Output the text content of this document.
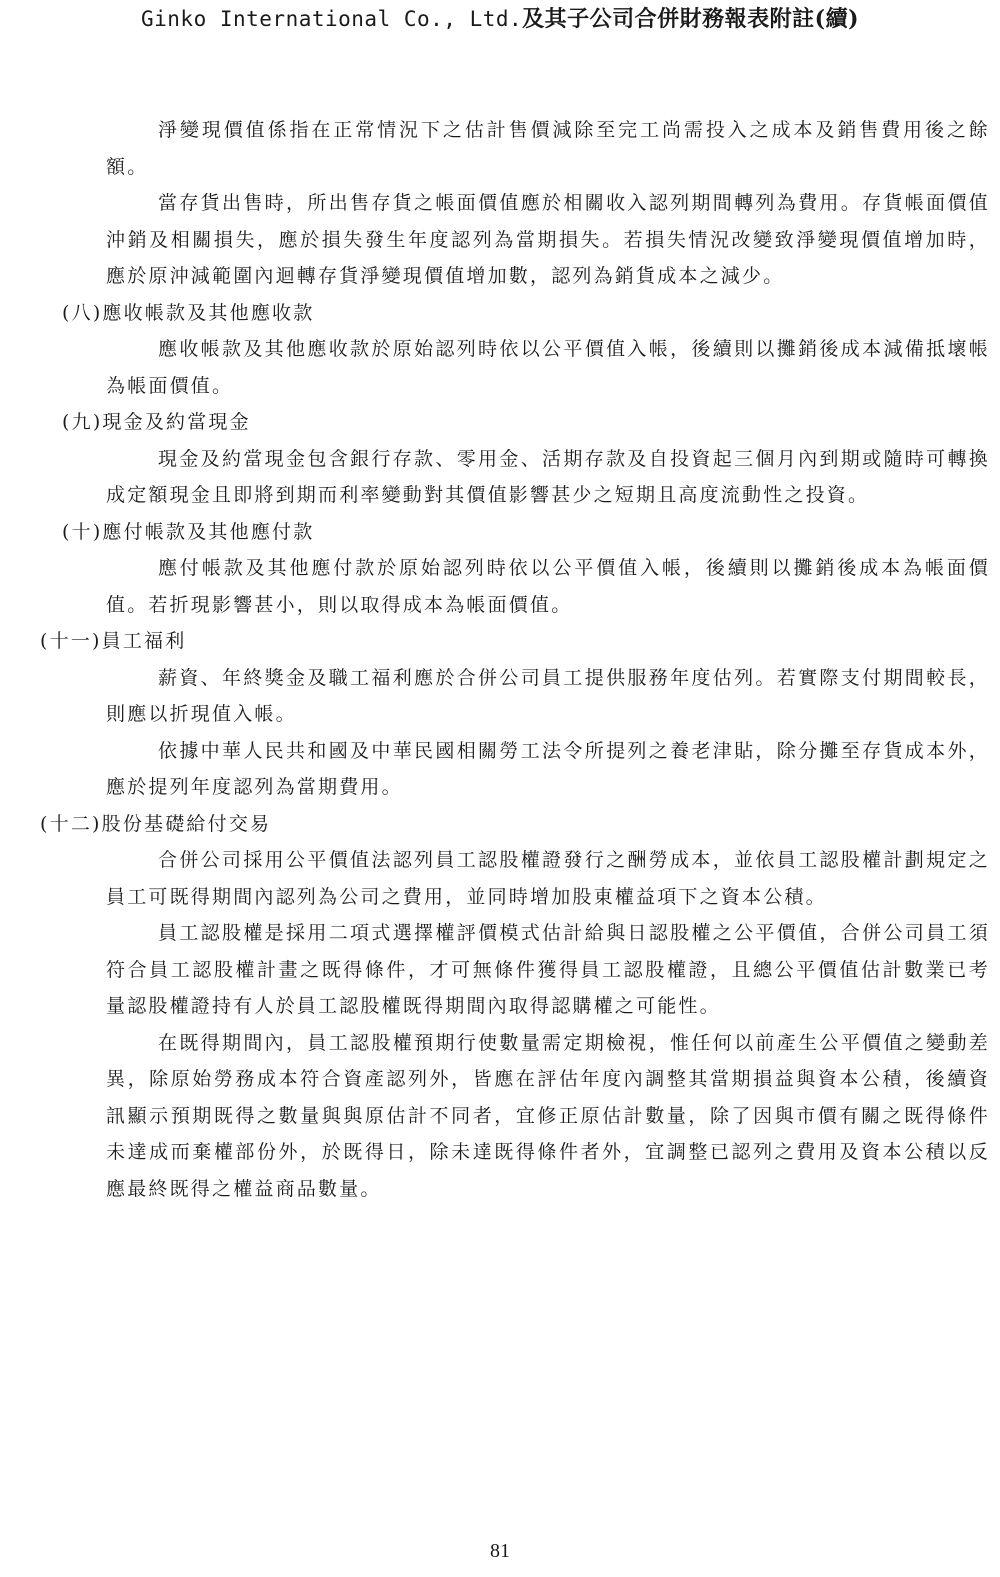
Ginko International Co., Ltd.及其子公司合併財務報表附註(續)

淨變現價值係指在正常情況下之估計售價減除至完工尚需投入之成本及銷售費用後之餘額。

當存貨出售時，所出售存貨之帳面價值應於相關收入認列期間轉列為費用。存貨帳面價值沖銷及相關損失，應於損失發生年度認列為當期損失。若損失情況改變致淨變現價值增加時，應於原沖減範圍內迴轉存貨淨變現價值增加數，認列為銷貨成本之減少。

(八)應收帳款及其他應收款

應收帳款及其他應收款於原始認列時依以公平價值入帳，後續則以攤銷後成本減備抵壞帳為帳面價值。

(九)現金及約當現金

現金及約當現金包含銀行存款、零用金、活期存款及自投資起三個月內到期或隨時可轉換成定額現金且即將到期而利率變動對其價值影響甚少之短期且高度流動性之投資。

(十)應付帳款及其他應付款

應付帳款及其他應付款於原始認列時依以公平價值入帳，後續則以攤銷後成本為帳面價值。若折現影響甚小，則以取得成本為帳面價值。

(十一)員工福利

薪資、年終獎金及職工福利應於合併公司員工提供服務年度估列。若實際支付期間較長，則應以折現值入帳。

依據中華人民共和國及中華民國相關勞工法令所提列之養老津貼，除分攤至存貨成本外，應於提列年度認列為當期費用。

(十二)股份基礎給付交易

合併公司採用公平價值法認列員工認股權證發行之酬勞成本，並依員工認股權計劃規定之員工可既得期間內認列為公司之費用，並同時增加股東權益項下之資本公積。

員工認股權是採用二項式選擇權評價模式估計給與日認股權之公平價值，合併公司員工須符合員工認股權計畫之既得條件，才可無條件獲得員工認股權證，且總公平價值估計數業已考量認股權證持有人於員工認股權既得期間內取得認購權之可能性。

在既得期間內，員工認股權預期行使數量需定期檢視，惟任何以前產生公平價值之變動差異，除原始勞務成本符合資產認列外，皆應在評估年度內調整其當期損益與資本公積，後續資訊顯示預期既得之數量與與原估計不同者，宜修正原估計數量，除了因與市價有關之既得條件未達成而棄權部份外，於既得日，除未達既得條件者外，宜調整已認列之費用及資本公積以反應最終既得之權益商品數量。

81
